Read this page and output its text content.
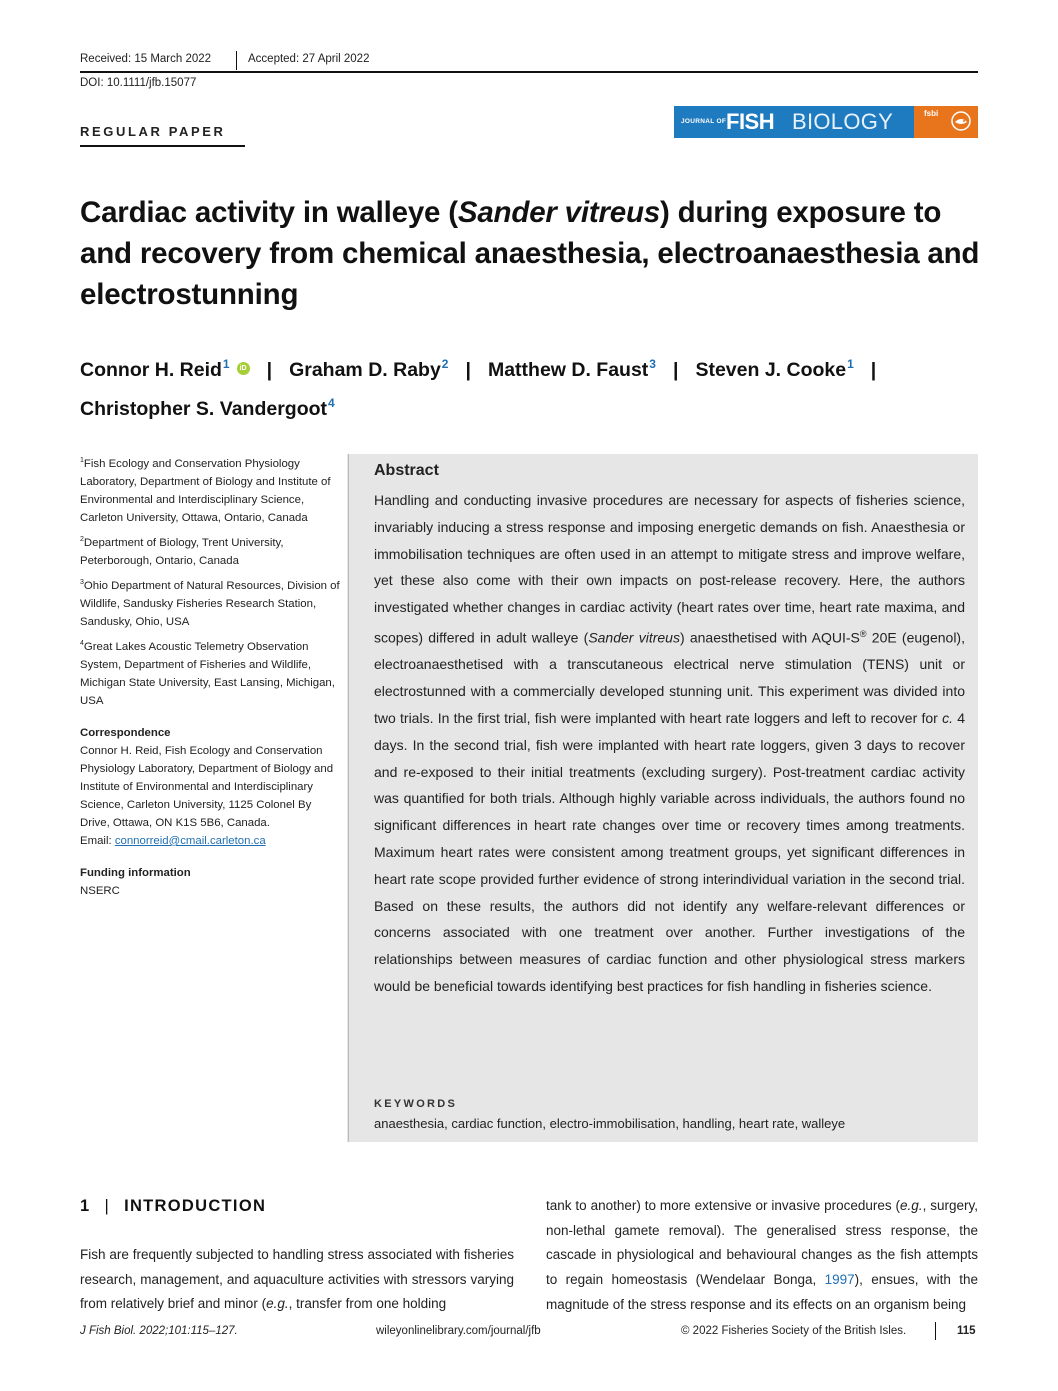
Received: 15 March 2022	Accepted: 27 April 2022
DOI: 10.1111/jfb.15077
REGULAR PAPER
JOURNAL OF FISH BIOLOGY	fsbi
Cardiac activity in walleye (Sander vitreus) during exposure to and recovery from chemical anaesthesia, electroanaesthesia and electrostunning
Connor H. Reid$^1$ iD | Graham D. Raby$^2$ | Matthew D. Faust$^3$ | Steven J. Cooke$^1$ |
Christopher S. Vandergoot$^4$
$^1$Fish Ecology and Conservation Physiology Laboratory, Department of Biology and Institute of Environmental and Interdisciplinary Science, Carleton University, Ottawa, Ontario, Canada
$^2$Department of Biology, Trent University, Peterborough, Ontario, Canada
$^3$Ohio Department of Natural Resources, Division of Wildlife, Sandusky Fisheries Research Station, Sandusky, Ohio, USA
$^4$Great Lakes Acoustic Telemetry Observation System, Department of Fisheries and Wildlife, Michigan State University, East Lansing, Michigan, USA
Correspondence
Connor H. Reid, Fish Ecology and Conservation Physiology Laboratory, Department of Biology and Institute of Environmental and Interdisciplinary Science, Carleton University, 1125 Colonel By Drive, Ottawa, ON K1S 5B6, Canada.
Email: connorreid@cmail.carleton.ca
Funding information
NSERC
Abstract
Handling and conducting invasive procedures are necessary for aspects of fisheries science, invariably inducing a stress response and imposing energetic demands on fish. Anaesthesia or immobilisation techniques are often used in an attempt to mitigate stress and improve welfare, yet these also come with their own impacts on post-release recovery. Here, the authors investigated whether changes in cardiac activity (heart rates over time, heart rate maxima, and scopes) differed in adult walleye (Sander vitreus) anaesthetised with AQUI-S® 20E (eugenol), electroanaesthetised with a transcutaneous electrical nerve stimulation (TENS) unit or electrostunned with a commercially developed stunning unit. This experiment was divided into two trials. In the first trial, fish were implanted with heart rate loggers and left to recover for c. 4 days. In the second trial, fish were implanted with heart rate loggers, given 3 days to recover and re-exposed to their initial treatments (excluding surgery). Post-treatment cardiac activity was quantified for both trials. Although highly variable across individuals, the authors found no significant differences in heart rate changes over time or recovery times among treatments. Maximum heart rates were consistent among treatment groups, yet significant differences in heart rate scope provided further evidence of strong interindividual variation in the second trial. Based on these results, the authors did not identify any welfare-relevant differences or concerns associated with one treatment over another. Further investigations of the relationships between measures of cardiac function and other physiological stress markers would be beneficial towards identifying best practices for fish handling in fisheries science.
KEYWORDS
anaesthesia, cardiac function, electro-immobilisation, handling, heart rate, walleye
1 | INTRODUCTION
Fish are frequently subjected to handling stress associated with fisheries research, management, and aquaculture activities with stressors varying from relatively brief and minor (e.g., transfer from one holding
tank to another) to more extensive or invasive procedures (e.g., surgery, non-lethal gamete removal). The generalised stress response, the cascade in physiological and behavioural changes as the fish attempts to regain homeostasis (Wendelaar Bonga, 1997), ensues, with the magnitude of the stress response and its effects on an organism being
J Fish Biol. 2022;101:115–127.	wileyonlinelibrary.com/journal/jfb	© 2022 Fisheries Society of the British Isles.	115
